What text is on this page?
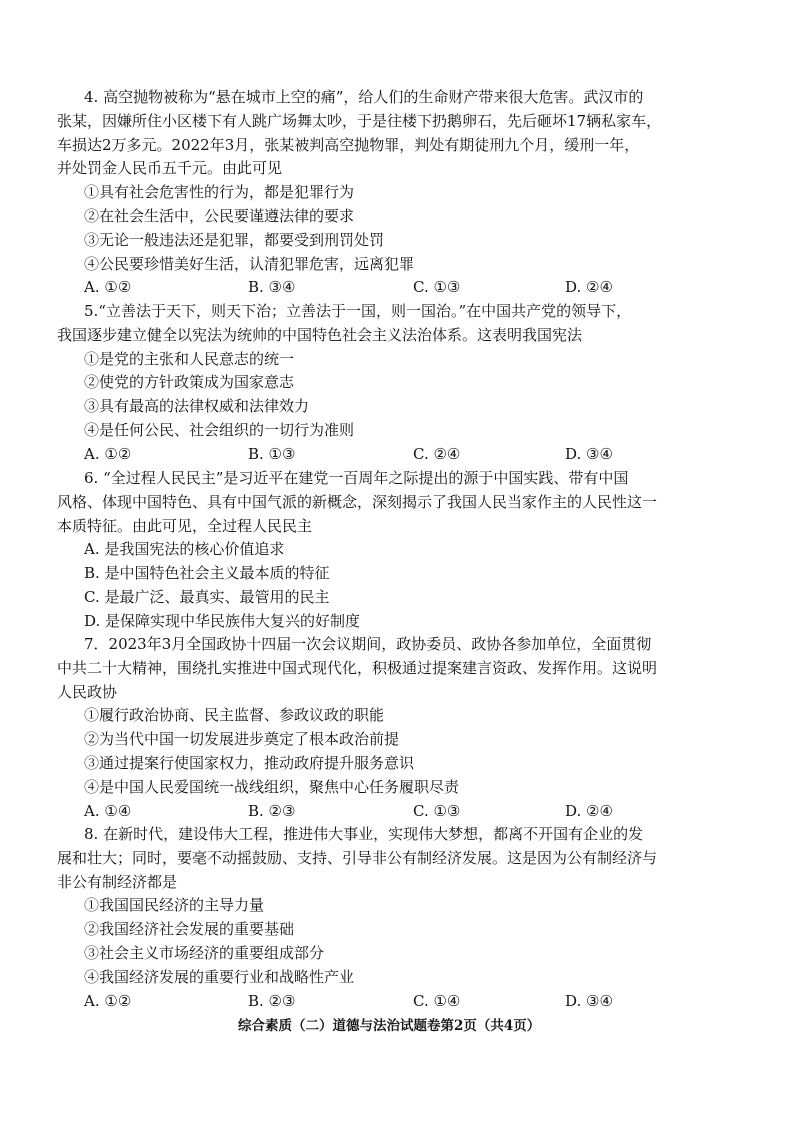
4. 高空抛物被称为“悬在城市上空的痛”，给人们的生命财产带来很大危害。武汉市的
张某，因嫌所住小区楼下有人跳广场舞太吵，于是往楼下扔鹅卵石，先后砸坏17辆私家车，
车损达2万多元。2022年3月，张某被判高空抛物罪，判处有期徒刑九个月，缓刑一年，
并处罚金人民币五千元。由此可见
①具有社会危害性的行为，都是犯罪行为
②在社会生活中，公民要谨遵法律的要求
③无论一般违法还是犯罪，都要受到刑罚处罚
④公民要珍惜美好生活，认清犯罪危害，远离犯罪
A. ①②	B. ③④	C. ①③	D. ②④
5.“立善法于天下，则天下治；立善法于一国，则一国治。”在中国共产党的领导下，
我国逐步建立健全以宪法为统帅的中国特色社会主义法治体系。这表明我国宪法
①是党的主张和人民意志的统一
②使党的方针政策成为国家意志
③具有最高的法律权威和法律效力
④是任何公民、社会组织的一切行为准则
A. ①②	B. ①③	C. ②④	D. ③④
6. “全过程人民民主”是习近平在建党一百周年之际提出的源于中国实践、带有中国
风格、体现中国特色、具有中国气派的新概念，深刻揭示了我国人民当家作主的人民性这一
本质特征。由此可见，全过程人民民主
A. 是我国宪法的核心价值追求
B. 是中国特色社会主义最本质的特征
C. 是最广泛、最真实、最管用的民主
D. 是保障实现中华民族伟大复兴的好制度
7．2023年3月全国政协十四届一次会议期间，政协委员、政协各参加单位，全面贯彻
中共二十大精神，围绕扎实推进中国式现代化，积极通过提案建言资政、发挥作用。这说明
人民政协
①履行政治协商、民主监督、参政议政的职能
②为当代中国一切发展进步奠定了根本政治前提
③通过提案行使国家权力，推动政府提升服务意识
④是中国人民爱国统一战线组织，聚焦中心任务履职尽责
A. ①④	B. ②③	C. ①③	D. ②④
8. 在新时代，建设伟大工程，推进伟大事业，实现伟大梦想，都离不开国有企业的发
展和壮大；同时，要毫不动摇鼓励、支持、引导非公有制经济发展。这是因为公有制经济与
非公有制经济都是
①我国国民经济的主导力量
②我国经济社会发展的重要基础
③社会主义市场经济的重要组成部分
④我国经济发展的重要行业和战略性产业
A. ①②	B. ②③	C. ①④	D. ③④
综合素质（二）道德与法治试题卷第2页（共4页）
